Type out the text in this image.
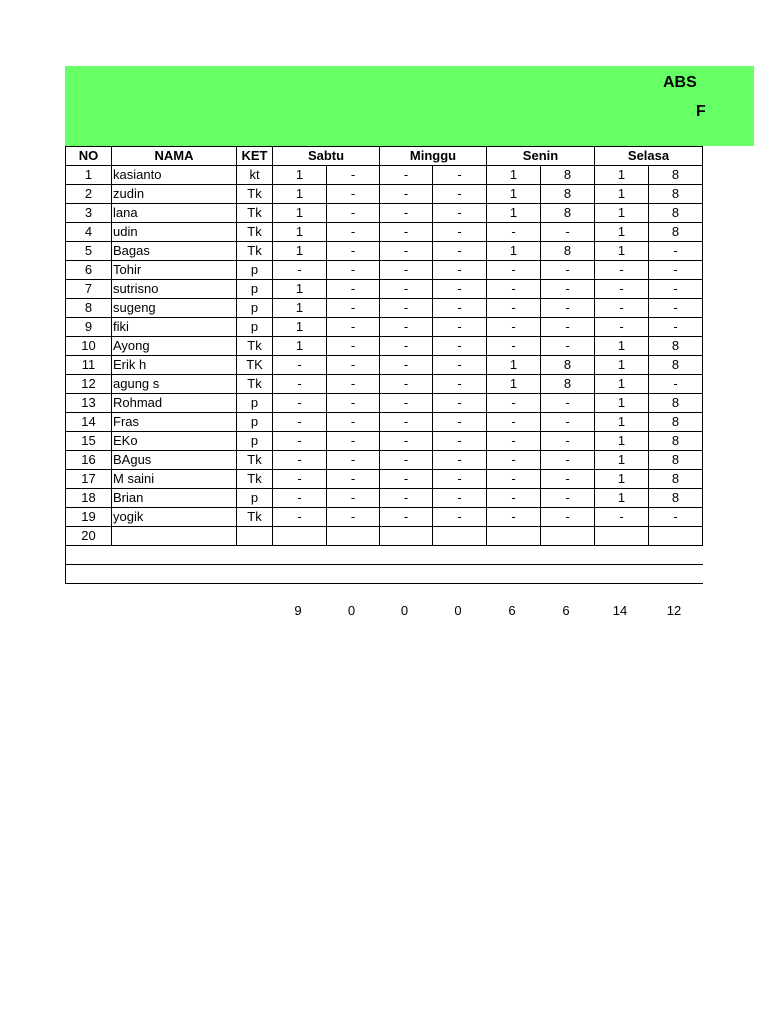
ABS
F
NO	NAMA	KET	Sabtu		Minggu		Senin		Selasa	
1	kasianto	kt	1	-	-	-	1	8	1	8
2	zudin	Tk	1	-	-	-	1	8	1	8
3	lana	Tk	1	-	-	-	1	8	1	8
4	udin	Tk	1	-	-	-	-	-	1	8
5	Bagas	Tk	1	-	-	-	1	8	1	-
6	Tohir	p	-	-	-	-	-	-	-	-
7	sutrisno	p	1	-	-	-	-	-	-	-
8	sugeng	p	1	-	-	-	-	-	-	-
9	fiki	p	1	-	-	-	-	-	-	-
10	Ayong	Tk	1	-	-	-	-	-	1	8
11	Erik h	TK	-	-	-	-	1	8	1	8
12	agung s	Tk	-	-	-	-	1	8	1	-
13	Rohmad	p	-	-	-	-	-	-	1	8
14	Fras	p	-	-	-	-	-	-	1	8
15	EKo	p	-	-	-	-	-	-	1	8
16	BAgus	Tk	-	-	-	-	-	-	1	8
17	M saini	Tk	-	-	-	-	-	-	1	8
18	Brian	p	-	-	-	-	-	-	1	8
19	yogik	Tk	-	-	-	-	-	-	-	-
20										

9	0	0	0	6	6	14	12
